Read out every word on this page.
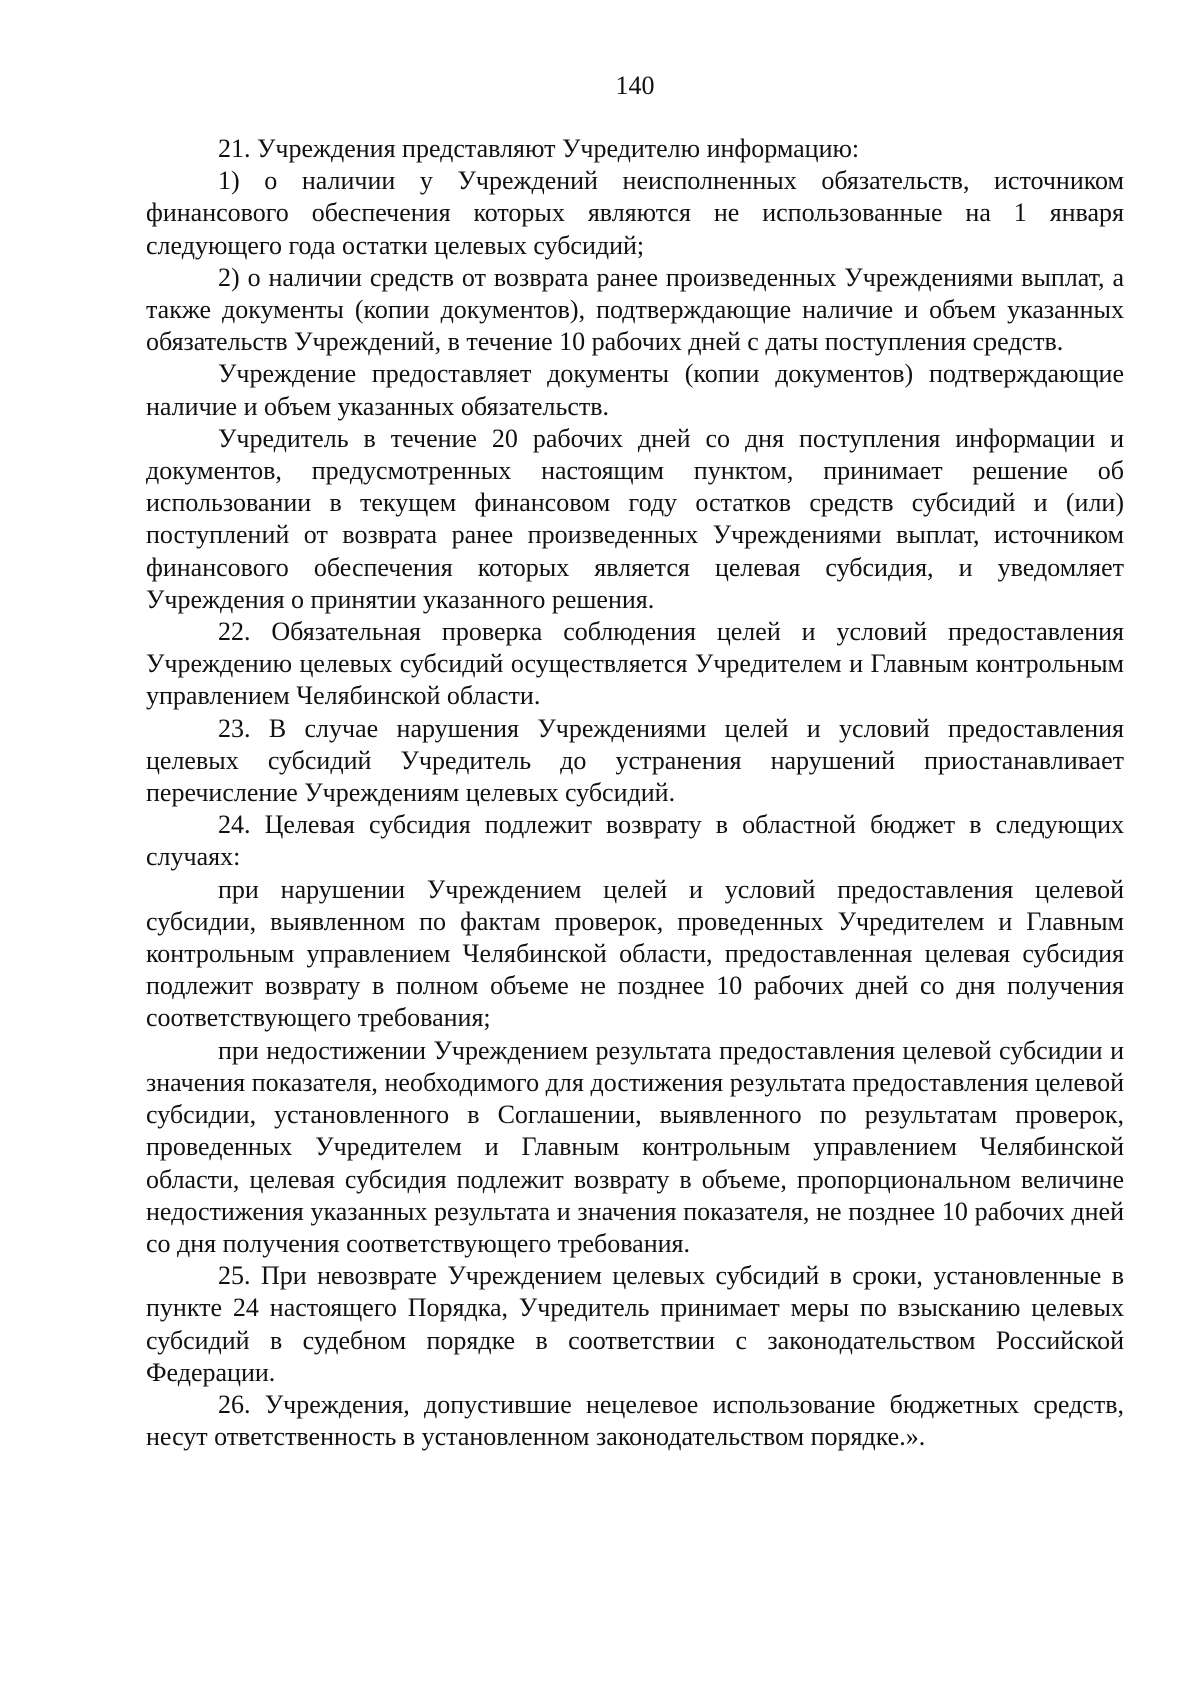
140

21. Учреждения представляют Учредителю информацию:

1) о наличии у Учреждений неисполненных обязательств, источником финансового обеспечения которых являются не использованные на 1 января следующего года остатки целевых субсидий;

2) о наличии средств от возврата ранее произведенных Учреждениями выплат, а также документы (копии документов), подтверждающие наличие и объем указанных обязательств Учреждений, в течение 10 рабочих дней с даты поступления средств.

Учреждение предоставляет документы (копии документов) подтверждающие наличие и объем указанных обязательств.

Учредитель в течение 20 рабочих дней со дня поступления информации и документов, предусмотренных настоящим пунктом, принимает решение об использовании в текущем финансовом году остатков средств субсидий и (или) поступлений от возврата ранее произведенных Учреждениями выплат, источником финансового обеспечения которых является целевая субсидия, и уведомляет Учреждения о принятии указанного решения.

22. Обязательная проверка соблюдения целей и условий предоставления Учреждению целевых субсидий осуществляется Учредителем и Главным контрольным управлением Челябинской области.

23. В случае нарушения Учреждениями целей и условий предоставления целевых субсидий Учредитель до устранения нарушений приостанавливает перечисление Учреждениям целевых субсидий.

24. Целевая субсидия подлежит возврату в областной бюджет в следующих случаях:

при нарушении Учреждением целей и условий предоставления целевой субсидии, выявленном по фактам проверок, проведенных Учредителем и Главным контрольным управлением Челябинской области, предоставленная целевая субсидия подлежит возврату в полном объеме не позднее 10 рабочих дней со дня получения соответствующего требования;

при недостижении Учреждением результата предоставления целевой субсидии и значения показателя, необходимого для достижения результата предоставления целевой субсидии, установленного в Соглашении, выявленного по результатам проверок, проведенных Учредителем и Главным контрольным управлением Челябинской области, целевая субсидия подлежит возврату в объеме, пропорциональном величине недостижения указанных результата и значения показателя, не позднее 10 рабочих дней со дня получения соответствующего требования.

25. При невозврате Учреждением целевых субсидий в сроки, установленные в пункте 24 настоящего Порядка, Учредитель принимает меры по взысканию целевых субсидий в судебном порядке в соответствии с законодательством Российской Федерации.

26. Учреждения, допустившие нецелевое использование бюджетных средств, несут ответственность в установленном законодательством порядке.».
